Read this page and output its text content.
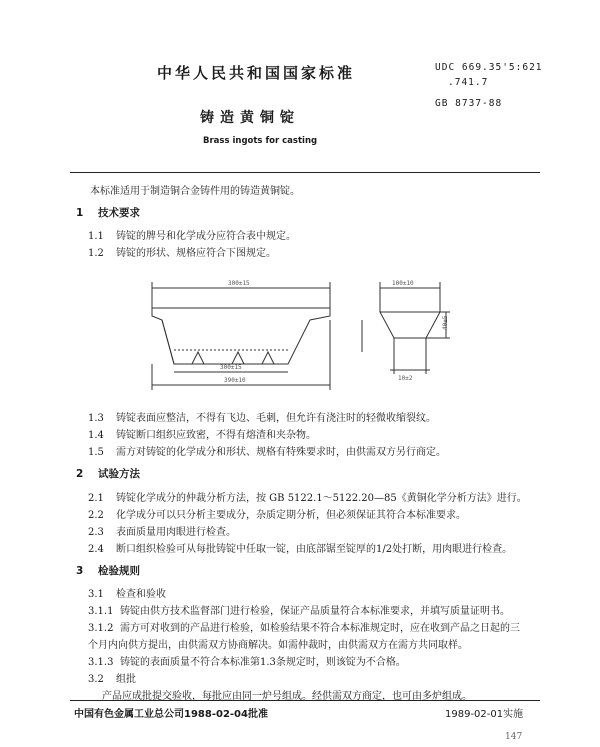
中华人民共和国国家标准	UDC 669.35'5:621
.741.7
GB 8737-88
铸造黄铜锭
Brass ingots for casting
本标准适用于制造铜合金铸件用的铸造黄铜锭。
1 技术要求
1.1 铸锭的牌号和化学成分应符合表中规定。
1.2 铸锭的形状、规格应符合下图规定。
300±15
300±15
390±10
100±10
40±5
10±2
1.3 铸锭表面应整洁，不得有飞边、毛刺，但允许有浇注时的轻微收缩裂纹。
1.4 铸锭断口组织应致密，不得有熔渣和夹杂物。
1.5 需方对铸锭的化学成分和形状、规格有特殊要求时，由供需双方另行商定。
2 试验方法
2.1 铸锭化学成分的仲裁分析方法，按 GB 5122.1～5122.20—85《黄铜化学分析方法》进行。
2.2 化学成分可以只分析主要成分，杂质定期分析，但必须保证其符合本标准要求。
2.3 表面质量用肉眼进行检查。
2.4 断口组织检验可从每批铸锭中任取一锭，由底部锯至锭厚的1/2处打断，用肉眼进行检查。
3 检验规则
3.1 检查和验收
3.1.1 铸锭由供方技术监督部门进行检验，保证产品质量符合本标准要求，并填写质量证明书。
3.1.2 需方可对收到的产品进行检验，如检验结果不符合本标准规定时，应在收到产品之日起的三
个月内向供方提出，由供需双方协商解决。如需仲裁时，由供需双方在需方共同取样。
3.1.3 铸锭的表面质量不符合本标准第1.3条规定时，则该锭为不合格。
3.2 组批
产品应成批提交验收，每批应由同一炉号组成。经供需双方商定，也可由多炉组成。
中国有色金属工业总公司1988-02-04批准	1989-02-01实施
147
